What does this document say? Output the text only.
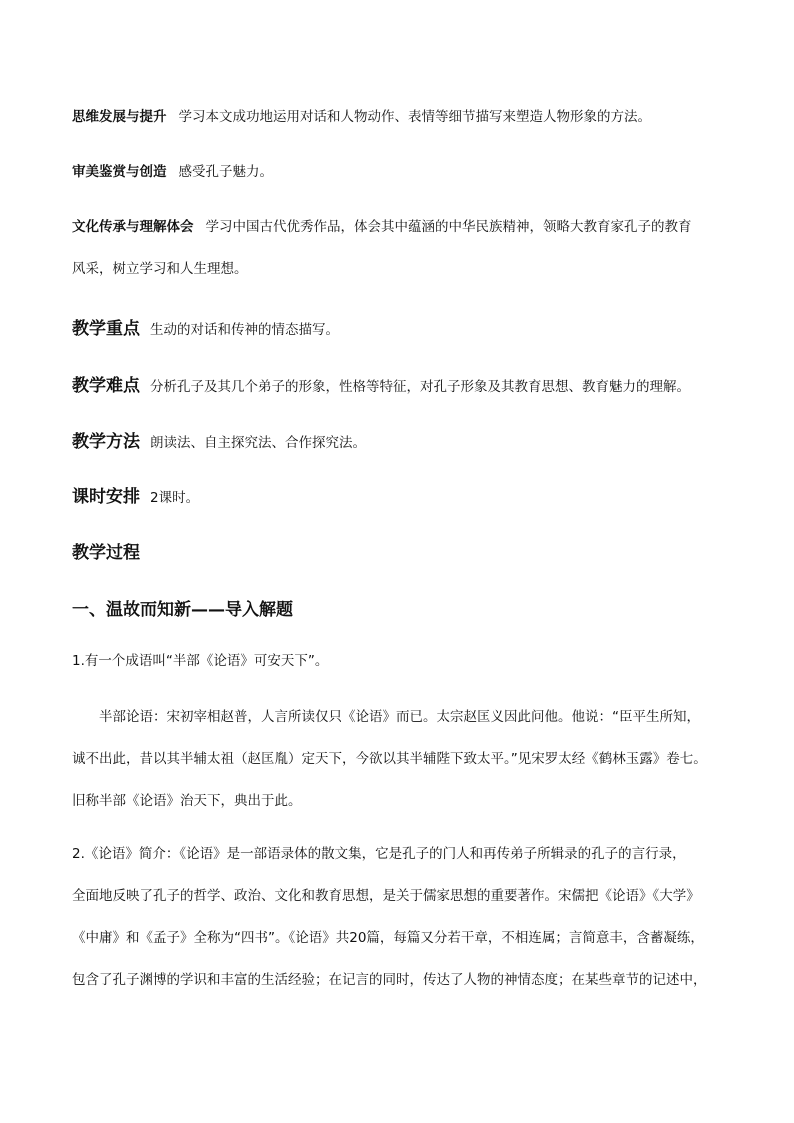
思维发展与提升 学习本文成功地运用对话和人物动作、表情等细节描写来塑造人物形象的方法。
审美鉴赏与创造 感受孔子魅力。
文化传承与理解体会 学习中国古代优秀作品，体会其中蕴涵的中华民族精神，领略大教育家孔子的教育
风采，树立学习和人生理想。
教学重点 生动的对话和传神的情态描写。
教学难点 分析孔子及其几个弟子的形象，性格等特征，对孔子形象及其教育思想、教育魅力的理解。
教学方法 朗读法、自主探究法、合作探究法。
课时安排 2课时。
教学过程
一、温故而知新——导入解题
1.有一个成语叫“半部《论语》可安天下”。
半部论语：宋初宰相赵普，人言所读仅只《论语》而已。太宗赵匡义因此问他。他说：“臣平生所知，
诚不出此，昔以其半辅太祖（赵匡胤）定天下，今欲以其半辅陛下致太平。”见宋罗太经《鹤林玉露》卷七。
旧称半部《论语》治天下，典出于此。
2.《论语》简介：《论语》是一部语录体的散文集，它是孔子的门人和再传弟子所辑录的孔子的言行录，
全面地反映了孔子的哲学、政治、文化和教育思想，是关于儒家思想的重要著作。宋儒把《论语》《大学》
《中庸》和《孟子》全称为“四书”。《论语》共20篇，每篇又分若干章，不相连属；言简意丰，含蓄凝练，
包含了孔子渊博的学识和丰富的生活经验；在记言的同时，传达了人物的神情态度；在某些章节的记述中，
